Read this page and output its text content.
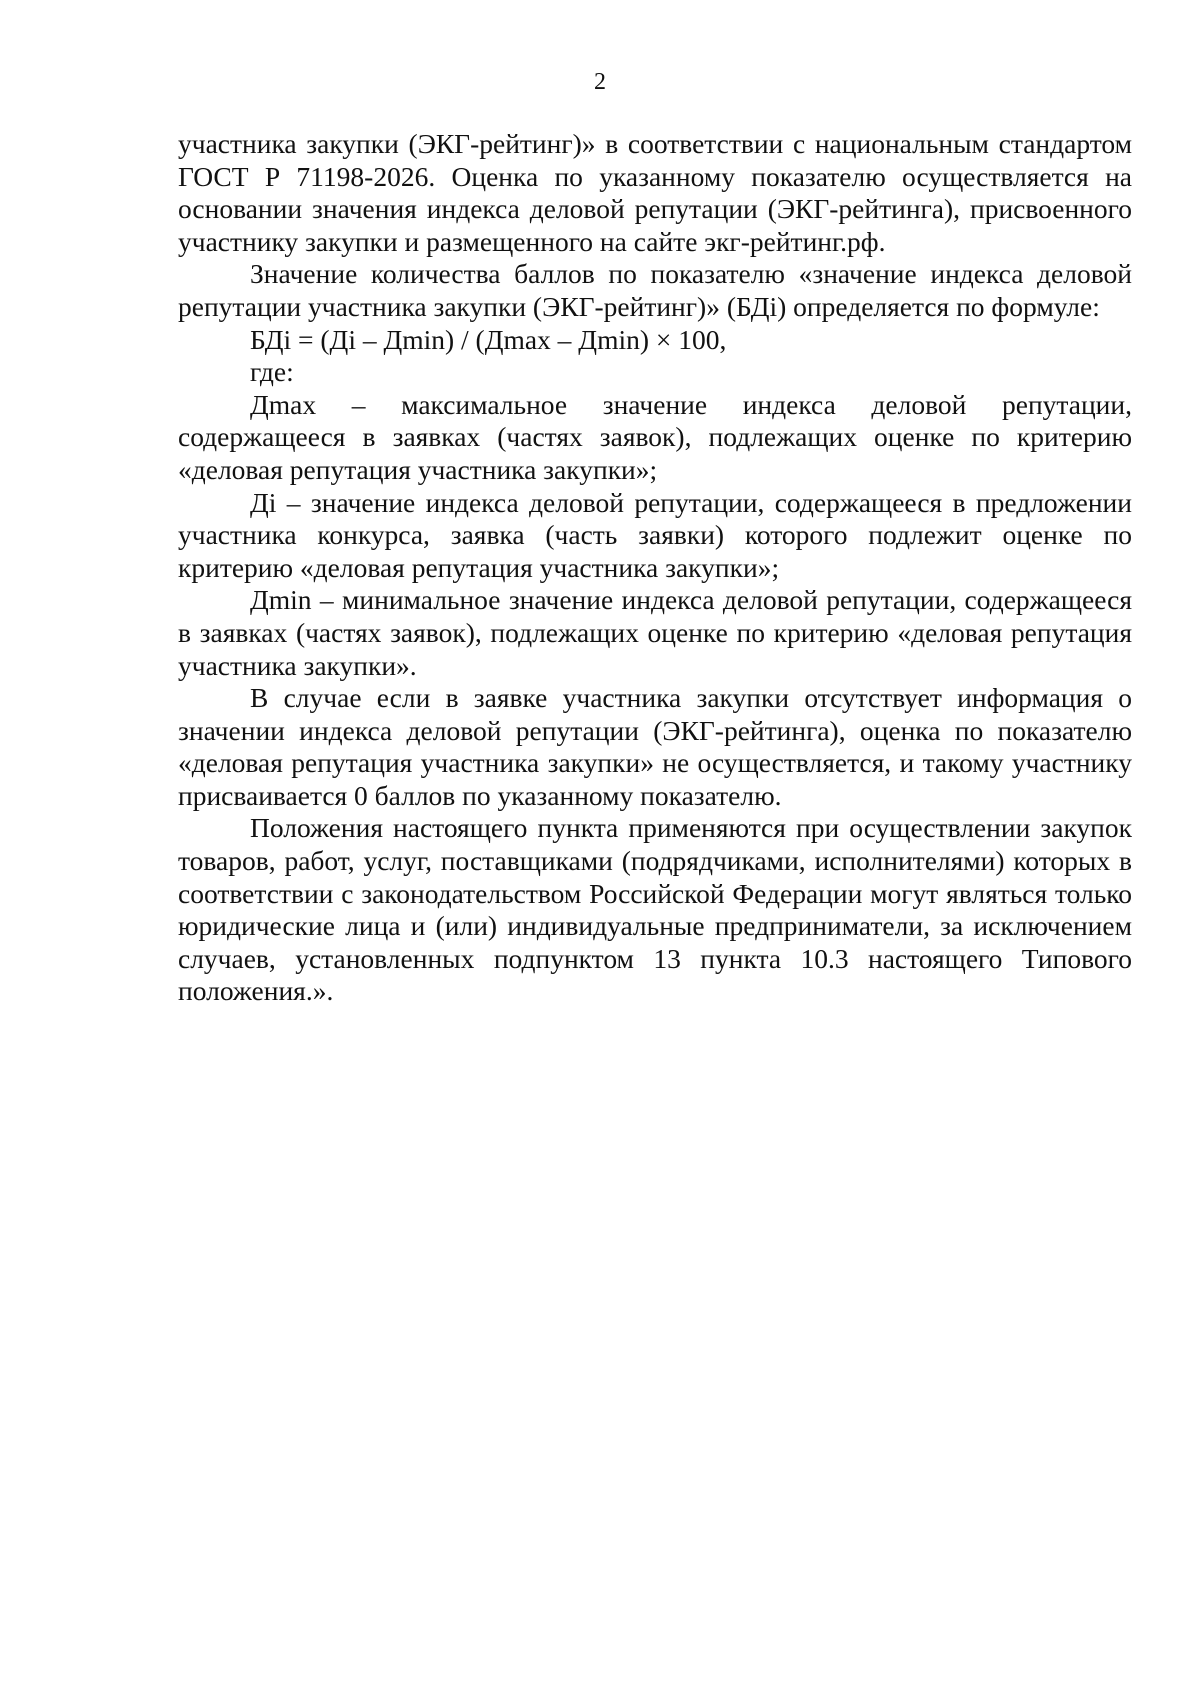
2

участника закупки (ЭКГ-рейтинг)» в соответствии с национальным стандартом ГОСТ Р 71198-2026. Оценка по указанному показателю осуществляется на основании значения индекса деловой репутации (ЭКГ-рейтинга), присвоенного участнику закупки и размещенного на сайте экг-рейтинг.рф.

Значение количества баллов по показателю «значение индекса деловой репутации участника закупки (ЭКГ-рейтинг)» (БДi) определяется по формуле:

БДi = (Дi – Дmin) / (Дmax – Дmin) × 100,

где:

Дmax – максимальное значение индекса деловой репутации, содержащееся в заявках (частях заявок), подлежащих оценке по критерию «деловая репутация участника закупки»;

Дi – значение индекса деловой репутации, содержащееся в предложении участника конкурса, заявка (часть заявки) которого подлежит оценке по критерию «деловая репутация участника закупки»;

Дmin – минимальное значение индекса деловой репутации, содержащееся в заявках (частях заявок), подлежащих оценке по критерию «деловая репутация участника закупки».

В случае если в заявке участника закупки отсутствует информация о значении индекса деловой репутации (ЭКГ-рейтинга), оценка по показателю «деловая репутация участника закупки» не осуществляется, и такому участнику присваивается 0 баллов по указанному показателю.

Положения настоящего пункта применяются при осуществлении закупок товаров, работ, услуг, поставщиками (подрядчиками, исполнителями) которых в соответствии с законодательством Российской Федерации могут являться только юридические лица и (или) индивидуальные предприниматели, за исключением случаев, установленных подпунктом 13 пункта 10.3 настоящего Типового положения.».
